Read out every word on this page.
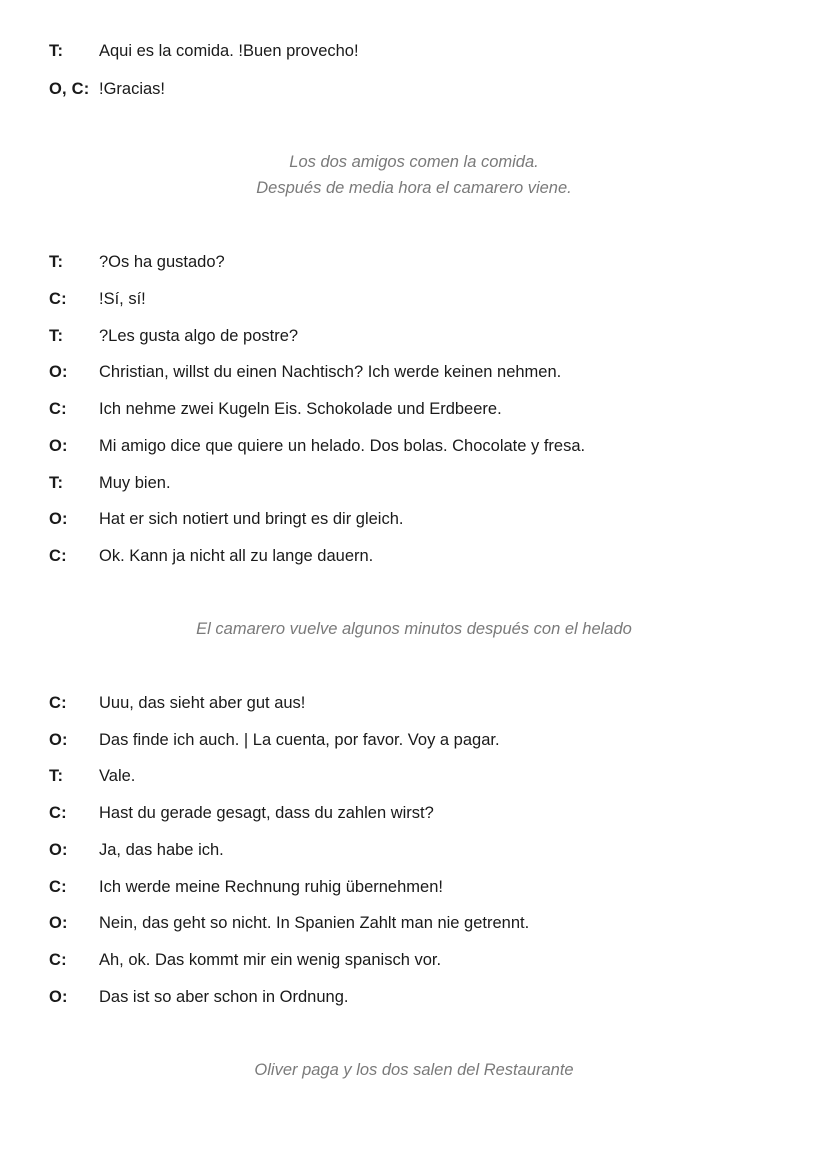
T: Aqui es la comida. !Buen provecho!
O, C: !Gracias!
Los dos amigos comen la comida.
Después de media hora el camarero viene.
T: ?Os ha gustado?
C: !Sí, sí!
T: ?Les gusta algo de postre?
O: Christian, willst du einen Nachtisch? Ich werde keinen nehmen.
C: Ich nehme zwei Kugeln Eis. Schokolade und Erdbeere.
O: Mi amigo dice que quiere un helado. Dos bolas. Chocolate y fresa.
T: Muy bien.
O: Hat er sich notiert und bringt es dir gleich.
C: Ok. Kann ja nicht all zu lange dauern.
El camarero vuelve algunos minutos después con el helado
C: Uuu, das sieht aber gut aus!
O: Das finde ich auch. | La cuenta, por favor. Voy a pagar.
T: Vale.
C: Hast du gerade gesagt, dass du zahlen wirst?
O: Ja, das habe ich.
C: Ich werde meine Rechnung ruhig übernehmen!
O: Nein, das geht so nicht. In Spanien Zahlt man nie getrennt.
C: Ah, ok. Das kommt mir ein wenig spanisch vor.
O: Das ist so aber schon in Ordnung.
Oliver paga y los dos salen del Restaurante
